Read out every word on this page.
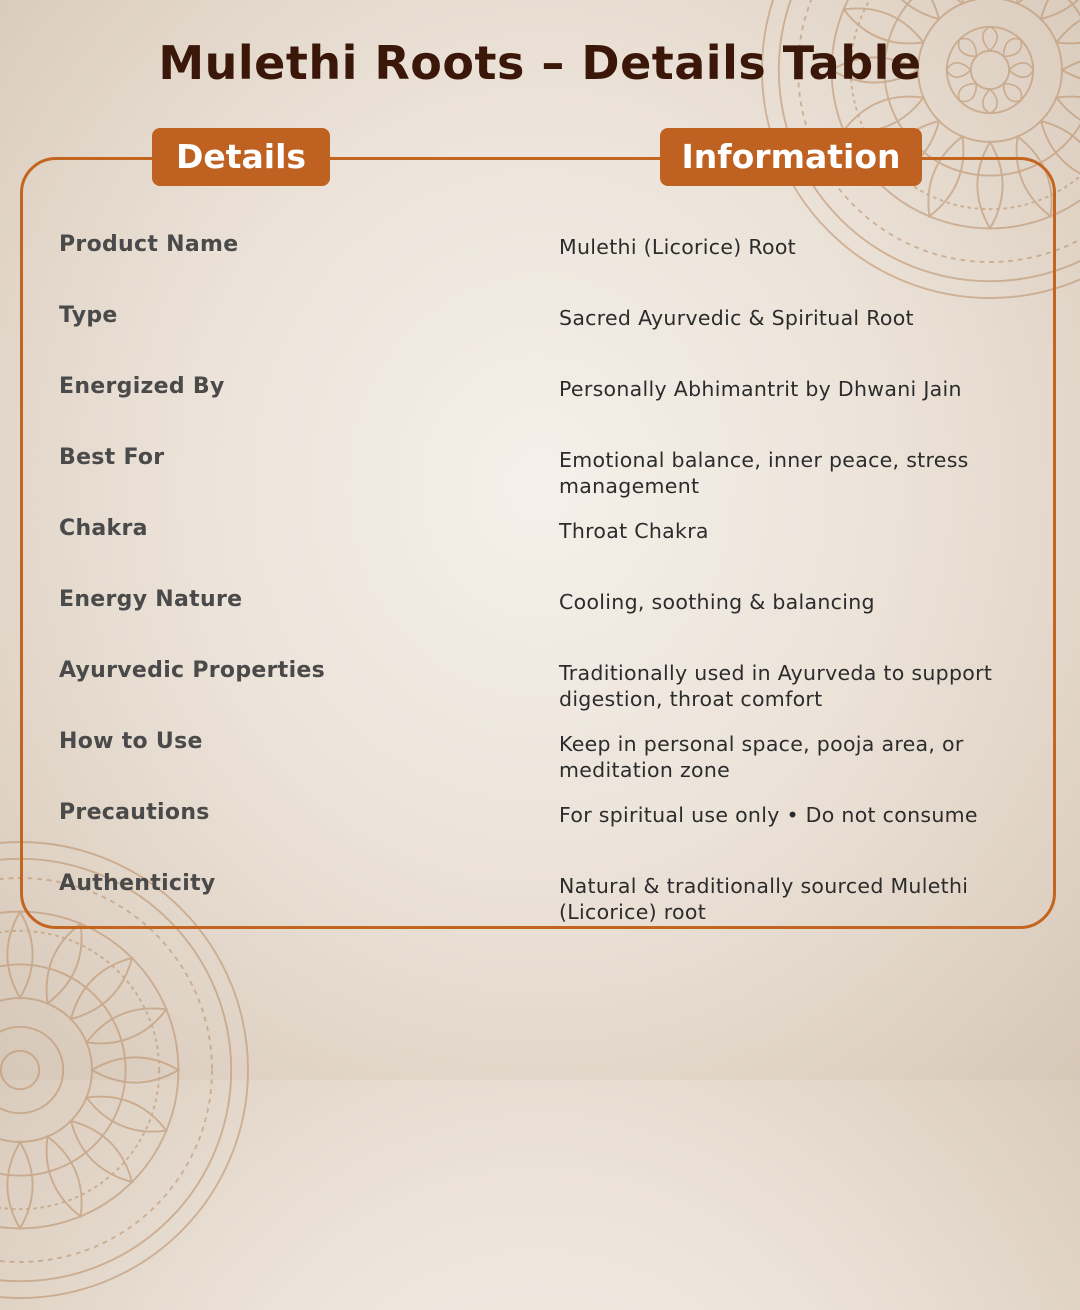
Mulethi Roots – Details Table
Details	Information
Product Name	Mulethi (Licorice) Root
Type	Sacred Ayurvedic & Spiritual Root
Energized By	Personally Abhimantrit by Dhwani Jain
Best For	Emotional balance, inner peace, stress management
Chakra	Throat Chakra
Energy Nature	Cooling, soothing & balancing
Ayurvedic Properties	Traditionally used in Ayurveda to support digestion, throat comfort
How to Use	Keep in personal space, pooja area, or meditation zone
Precautions	For spiritual use only • Do not consume
Authenticity	Natural & traditionally sourced Mulethi (Licorice) root
